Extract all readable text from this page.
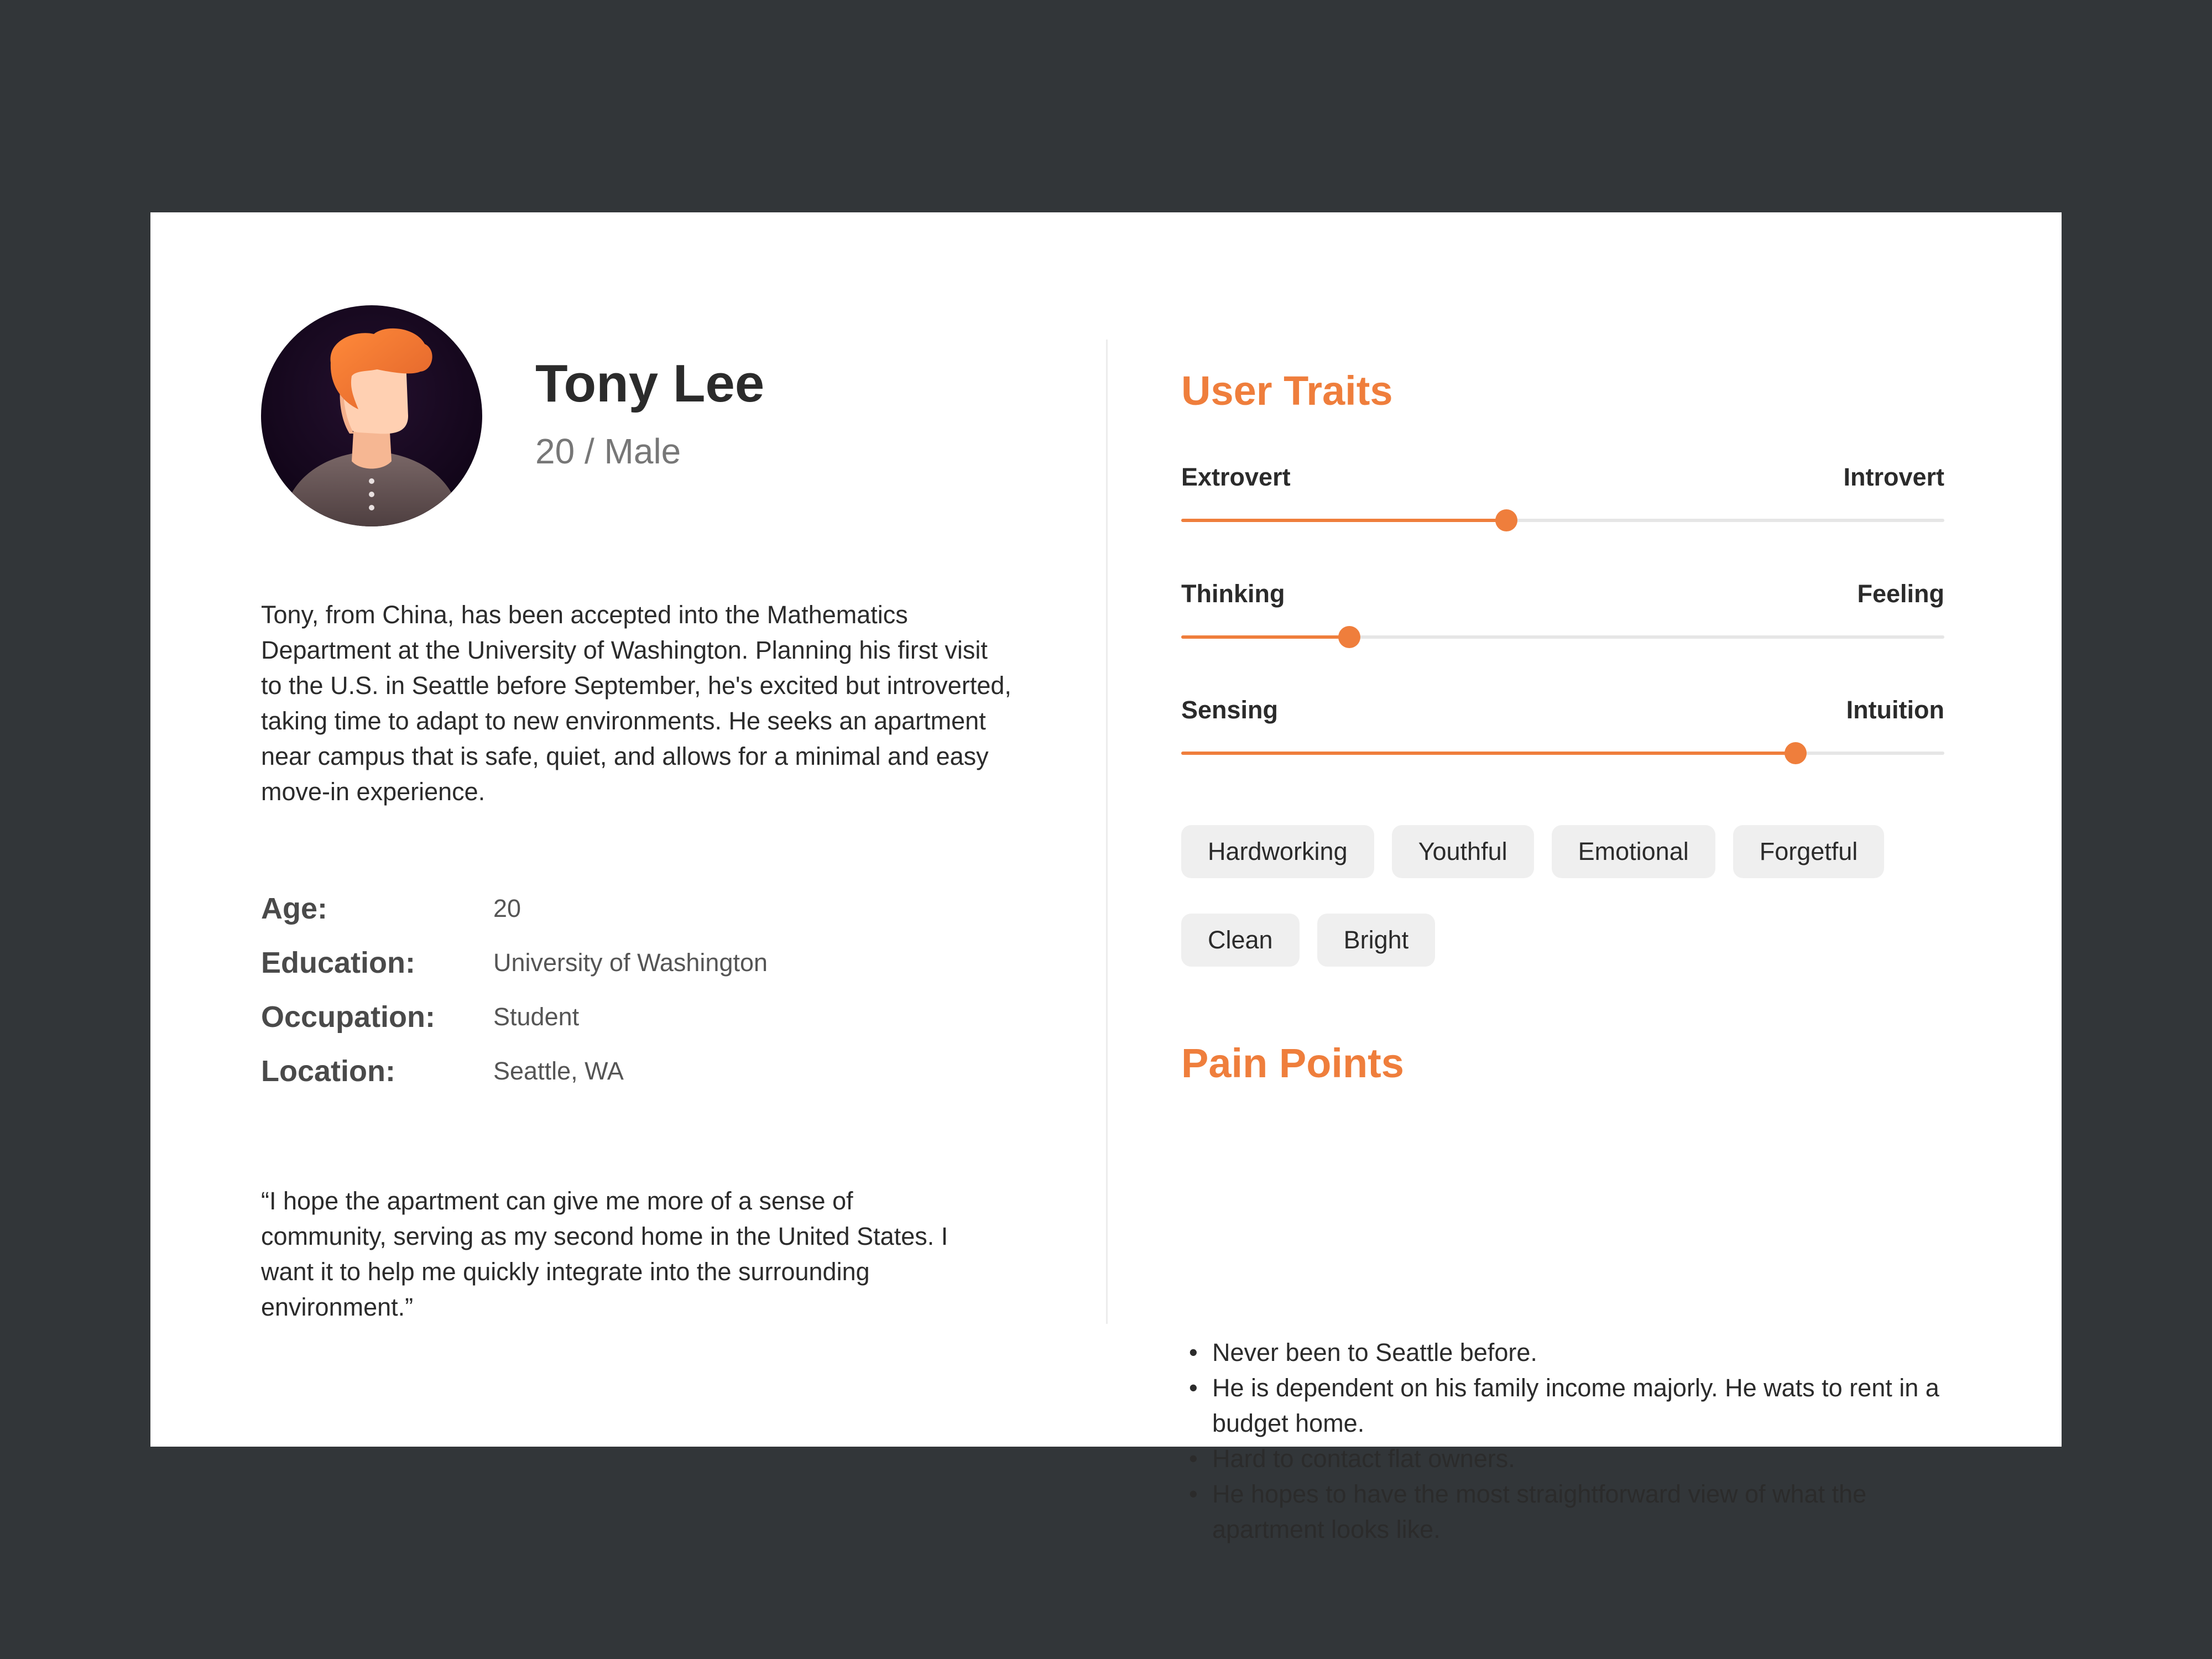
Tony Lee
20 / Male

Tony, from China, has been accepted into the Mathematics Department at the University of Washington. Planning his first visit to the U.S. in Seattle before September, he's excited but introverted, taking time to adapt to new environments. He seeks an apartment near campus that is safe, quiet, and allows for a minimal and easy move-in experience.

Age:	20
Education:	University of Washington
Occupation: Student
Location:	Seattle, WA

“I hope the apartment can give me more of a sense of community, serving as my second home in the United States. I want it to help me quickly integrate into the surrounding environment.”

User Traits
Extrovert	Introvert
Thinking	Feeling
Sensing	Intuition
Hardworking	Youthful	Emotional	Forgetful
Clean	Bright
Pain Points
• Never been to Seattle before.
• He is dependent on his family income majorly. He wats to rent in a budget home.
• Hard to contact flat owners.
• He hopes to have the most straightforward view of what the apartment looks like.
